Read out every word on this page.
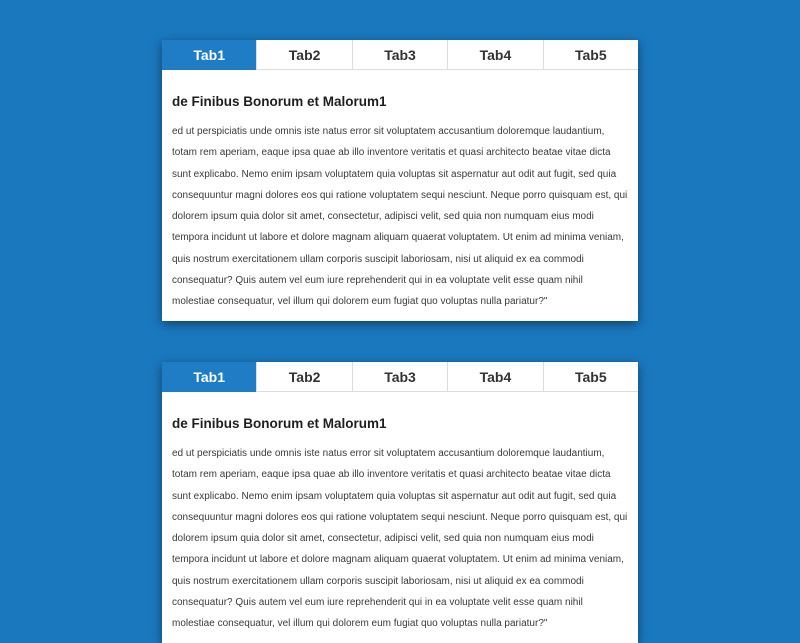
Tab1	Tab2	Tab3	Tab4	Tab5
de Finibus Bonorum et Malorum1

ed ut perspiciatis unde omnis iste natus error sit voluptatem accusantium doloremque laudantium, totam rem aperiam, eaque ipsa quae ab illo inventore veritatis et quasi architecto beatae vitae dicta sunt explicabo. Nemo enim ipsam voluptatem quia voluptas sit aspernatur aut odit aut fugit, sed quia consequuntur magni dolores eos qui ratione voluptatem sequi nesciunt. Neque porro quisquam est, qui dolorem ipsum quia dolor sit amet, consectetur, adipisci velit, sed quia non numquam eius modi tempora incidunt ut labore et dolore magnam aliquam quaerat voluptatem. Ut enim ad minima veniam, quis nostrum exercitationem ullam corporis suscipit laboriosam, nisi ut aliquid ex ea commodi consequatur? Quis autem vel eum iure reprehenderit qui in ea voluptate velit esse quam nihil molestiae consequatur, vel illum qui dolorem eum fugiat quo voluptas nulla pariatur?"

Tab1	Tab2	Tab3	Tab4	Tab5
de Finibus Bonorum et Malorum1

ed ut perspiciatis unde omnis iste natus error sit voluptatem accusantium doloremque laudantium, totam rem aperiam, eaque ipsa quae ab illo inventore veritatis et quasi architecto beatae vitae dicta sunt explicabo. Nemo enim ipsam voluptatem quia voluptas sit aspernatur aut odit aut fugit, sed quia consequuntur magni dolores eos qui ratione voluptatem sequi nesciunt. Neque porro quisquam est, qui dolorem ipsum quia dolor sit amet, consectetur, adipisci velit, sed quia non numquam eius modi tempora incidunt ut labore et dolore magnam aliquam quaerat voluptatem. Ut enim ad minima veniam, quis nostrum exercitationem ullam corporis suscipit laboriosam, nisi ut aliquid ex ea commodi consequatur? Quis autem vel eum iure reprehenderit qui in ea voluptate velit esse quam nihil molestiae consequatur, vel illum qui dolorem eum fugiat quo voluptas nulla pariatur?"
